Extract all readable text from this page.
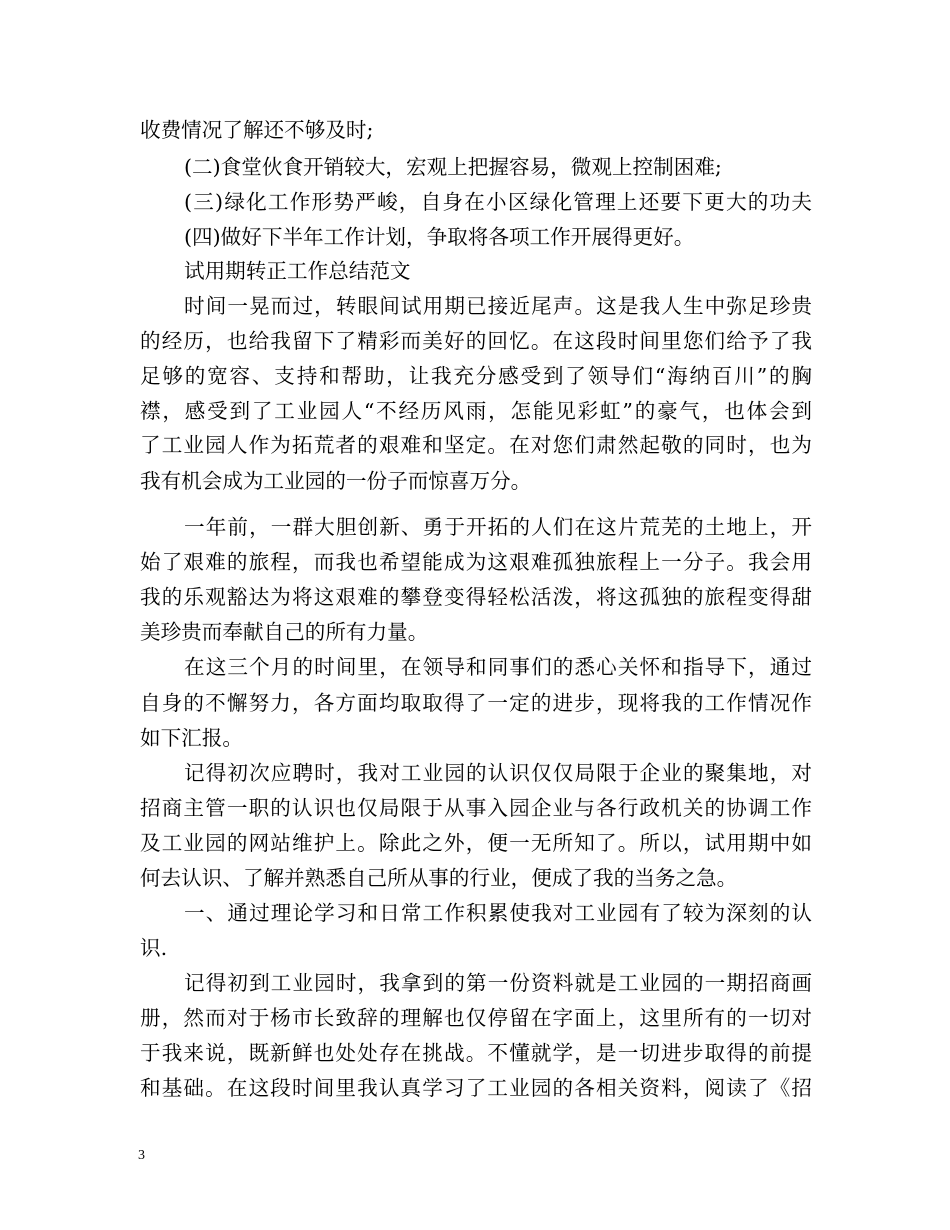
收费情况了解还不够及时;
(二)食堂伙食开销较大，宏观上把握容易，微观上控制困难;
(三)绿化工作形势严峻，自身在小区绿化管理上还要下更大的功夫
(四)做好下半年工作计划，争取将各项工作开展得更好。
试用期转正工作总结范文
时间一晃而过，转眼间试用期已接近尾声。这是我人生中弥足珍贵
的经历，也给我留下了精彩而美好的回忆。在这段时间里您们给予了我
足够的宽容、支持和帮助，让我充分感受到了领导们“海纳百川”的胸
襟，感受到了工业园人“不经历风雨，怎能见彩虹”的豪气，也体会到
了工业园人作为拓荒者的艰难和坚定。在对您们肃然起敬的同时，也为
我有机会成为工业园的一份子而惊喜万分。
一年前，一群大胆创新、勇于开拓的人们在这片荒芜的土地上，开
始了艰难的旅程，而我也希望能成为这艰难孤独旅程上一分子。我会用
我的乐观豁达为将这艰难的攀登变得轻松活泼，将这孤独的旅程变得甜
美珍贵而奉献自己的所有力量。
在这三个月的时间里，在领导和同事们的悉心关怀和指导下，通过
自身的不懈努力，各方面均取取得了一定的进步，现将我的工作情况作
如下汇报。
记得初次应聘时，我对工业园的认识仅仅局限于企业的聚集地，对
招商主管一职的认识也仅局限于从事入园企业与各行政机关的协调工作
及工业园的网站维护上。除此之外，便一无所知了。所以，试用期中如
何去认识、了解并熟悉自己所从事的行业，便成了我的当务之急。
一、通过理论学习和日常工作积累使我对工业园有了较为深刻的认
识.
记得初到工业园时，我拿到的第一份资料就是工业园的一期招商画
册，然而对于杨市长致辞的理解也仅停留在字面上，这里所有的一切对
于我来说，既新鲜也处处存在挑战。不懂就学，是一切进步取得的前提
和基础。在这段时间里我认真学习了工业园的各相关资料，阅读了《招
3
